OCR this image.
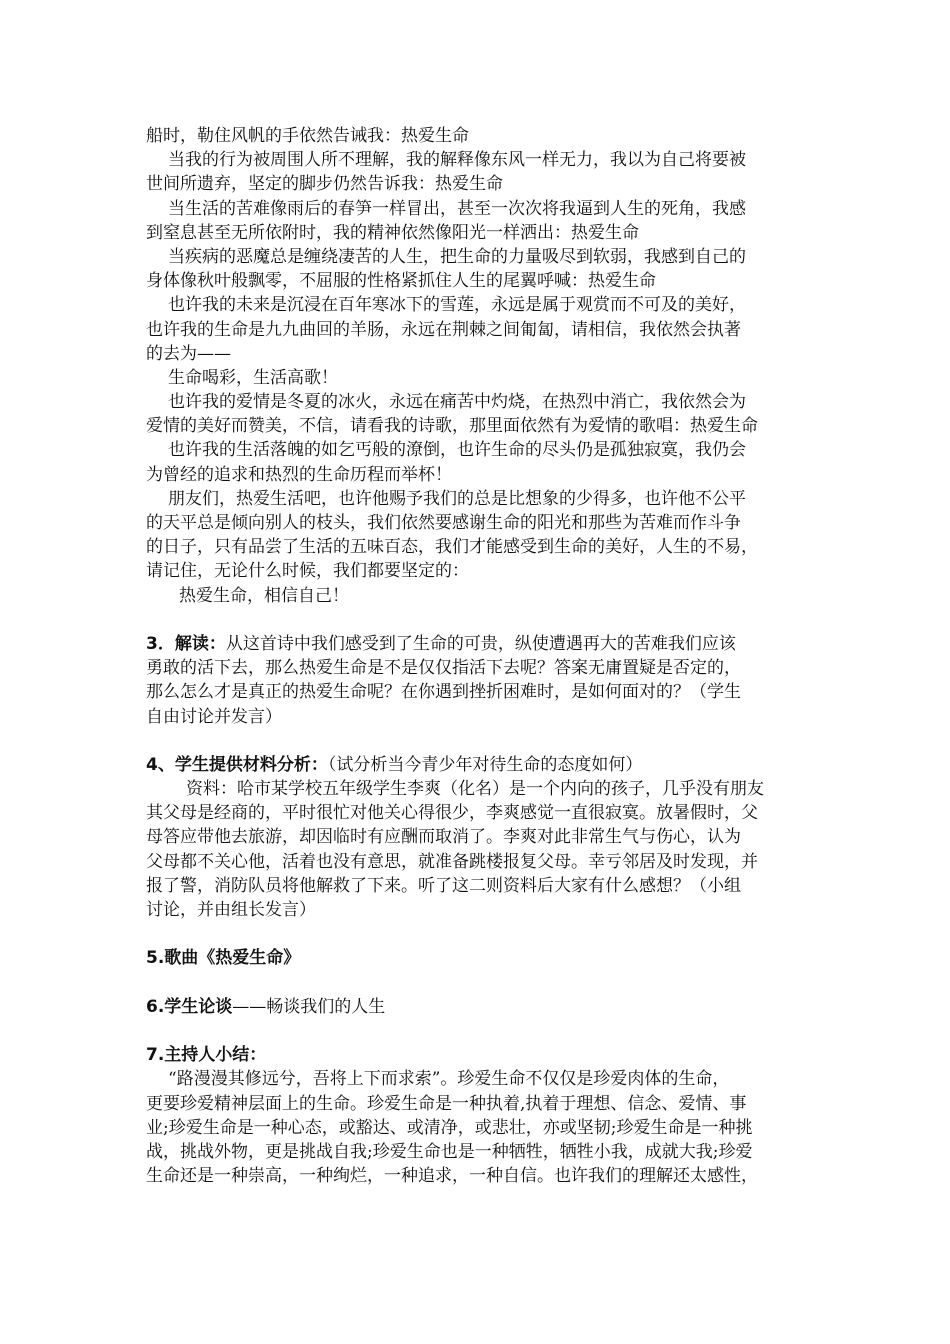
船时，勒住风帆的手依然告诫我：热爱生命
当我的行为被周围人所不理解，我的解释像东风一样无力，我以为自己将要被
世间所遗弃，坚定的脚步仍然告诉我：热爱生命
当生活的苦难像雨后的春笋一样冒出，甚至一次次将我逼到人生的死角，我感
到窒息甚至无所依附时，我的精神依然像阳光一样洒出：热爱生命
当疾病的恶魔总是缠绕凄苦的人生，把生命的力量吸尽到软弱，我感到自己的
身体像秋叶般飘零，不屈服的性格紧抓住人生的尾翼呼喊：热爱生命
也许我的未来是沉浸在百年寒冰下的雪莲，永远是属于观赏而不可及的美好，
也许我的生命是九九曲回的羊肠，永远在荆棘之间匍匐，请相信，我依然会执著
的去为——
生命喝彩，生活高歌！
也许我的爱情是冬夏的冰火，永远在痛苦中灼烧，在热烈中消亡，我依然会为
爱情的美好而赞美，不信，请看我的诗歌，那里面依然有为爱情的歌唱：热爱生命
也许我的生活落魄的如乞丐般的潦倒，也许生命的尽头仍是孤独寂寞，我仍会
为曾经的追求和热烈的生命历程而举杯！
朋友们，热爱生活吧，也许他赐予我们的总是比想象的少得多，也许他不公平
的天平总是倾向别人的枝头，我们依然要感谢生命的阳光和那些为苦难而作斗争
的日子，只有品尝了生活的五味百态，我们才能感受到生命的美好，人生的不易，
请记住，无论什么时候，我们都要坚定的：
热爱生命，相信自己！
3．解读：从这首诗中我们感受到了生命的可贵，纵使遭遇再大的苦难我们应该
勇敢的活下去，那么热爱生命是不是仅仅指活下去呢？答案无庸置疑是否定的，
那么怎么才是真正的热爱生命呢？在你遇到挫折困难时，是如何面对的？（学生
自由讨论并发言）
4、学生提供材料分析：（试分析当今青少年对待生命的态度如何）
资料：哈市某学校五年级学生李爽（化名）是一个内向的孩子，几乎没有朋友
其父母是经商的，平时很忙对他关心得很少，李爽感觉一直很寂寞。放暑假时，父
母答应带他去旅游，却因临时有应酬而取消了。李爽对此非常生气与伤心，认为
父母都不关心他，活着也没有意思，就准备跳楼报复父母。幸亏邻居及时发现，并
报了警，消防队员将他解救了下来。听了这二则资料后大家有什么感想？（小组
讨论，并由组长发言）
5.歌曲《热爱生命》
6.学生论谈——畅谈我们的人生
7.主持人小结：
“路漫漫其修远兮，吾将上下而求索”。珍爱生命不仅仅是珍爱肉体的生命，
更要珍爱精神层面上的生命。珍爱生命是一种执着,执着于理想、信念、爱情、事
业;珍爱生命是一种心态，或豁达、或清净，或悲壮，亦或坚韧;珍爱生命是一种挑
战，挑战外物，更是挑战自我;珍爱生命也是一种牺牲，牺牲小我，成就大我;珍爱
生命还是一种崇高，一种绚烂，一种追求，一种自信。也许我们的理解还太感性，
